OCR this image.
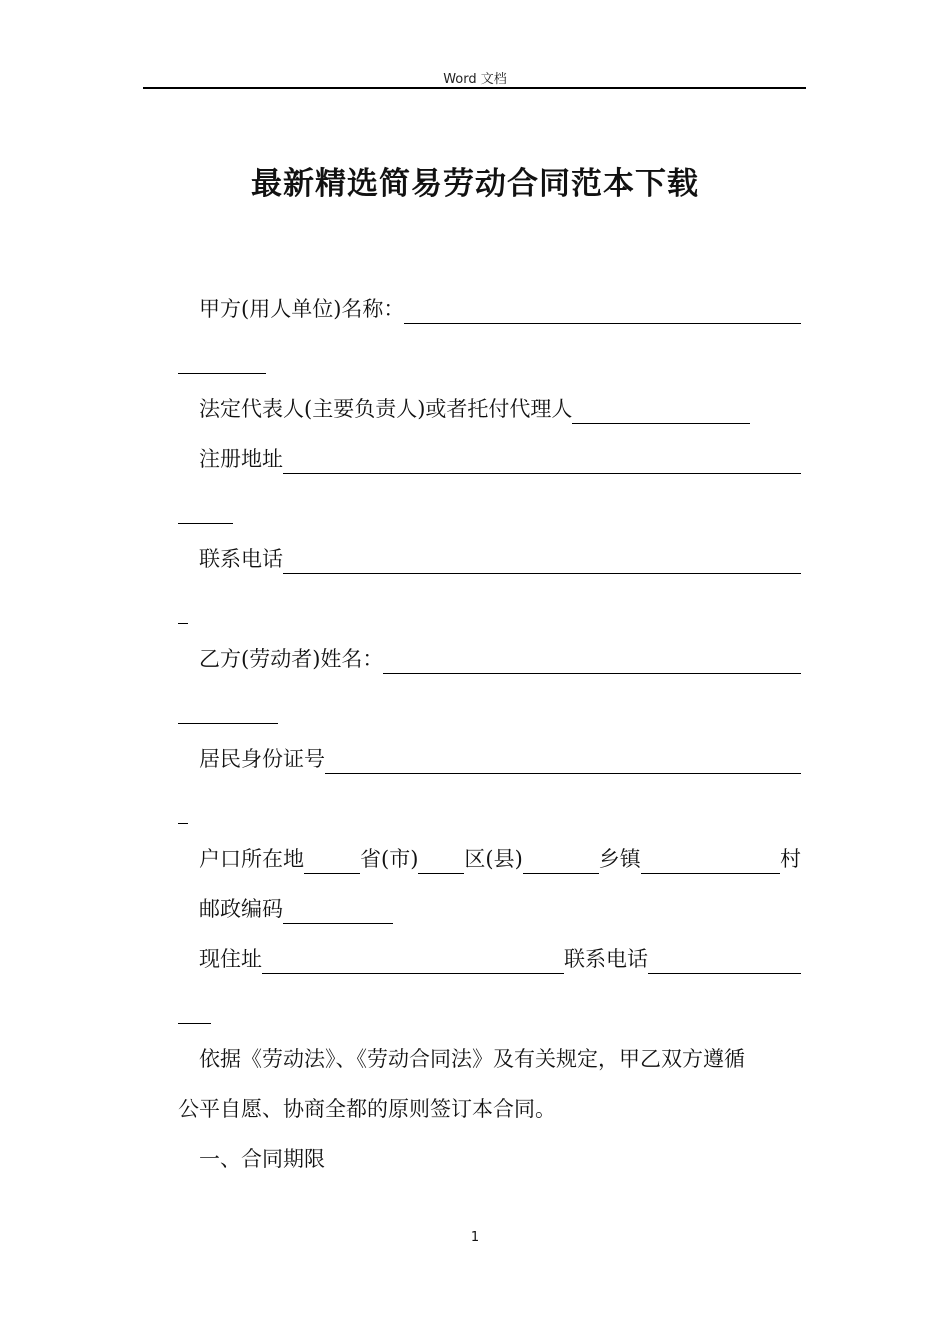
Word 文档
最新精选简易劳动合同范本下载
甲方(用人单位)名称：
法定代表人(主要负责人)或者托付代理人
注册地址
联系电话
乙方(劳动者)姓名：
居民身份证号
户口所在地	省(市) 区(县)	乡镇	村
邮政编码
现住址	联系电话
依据《劳动法》、《劳动合同法》及有关规定，甲乙双方遵循
公平自愿、协商全都的原则签订本合同。
一、合同期限
1
